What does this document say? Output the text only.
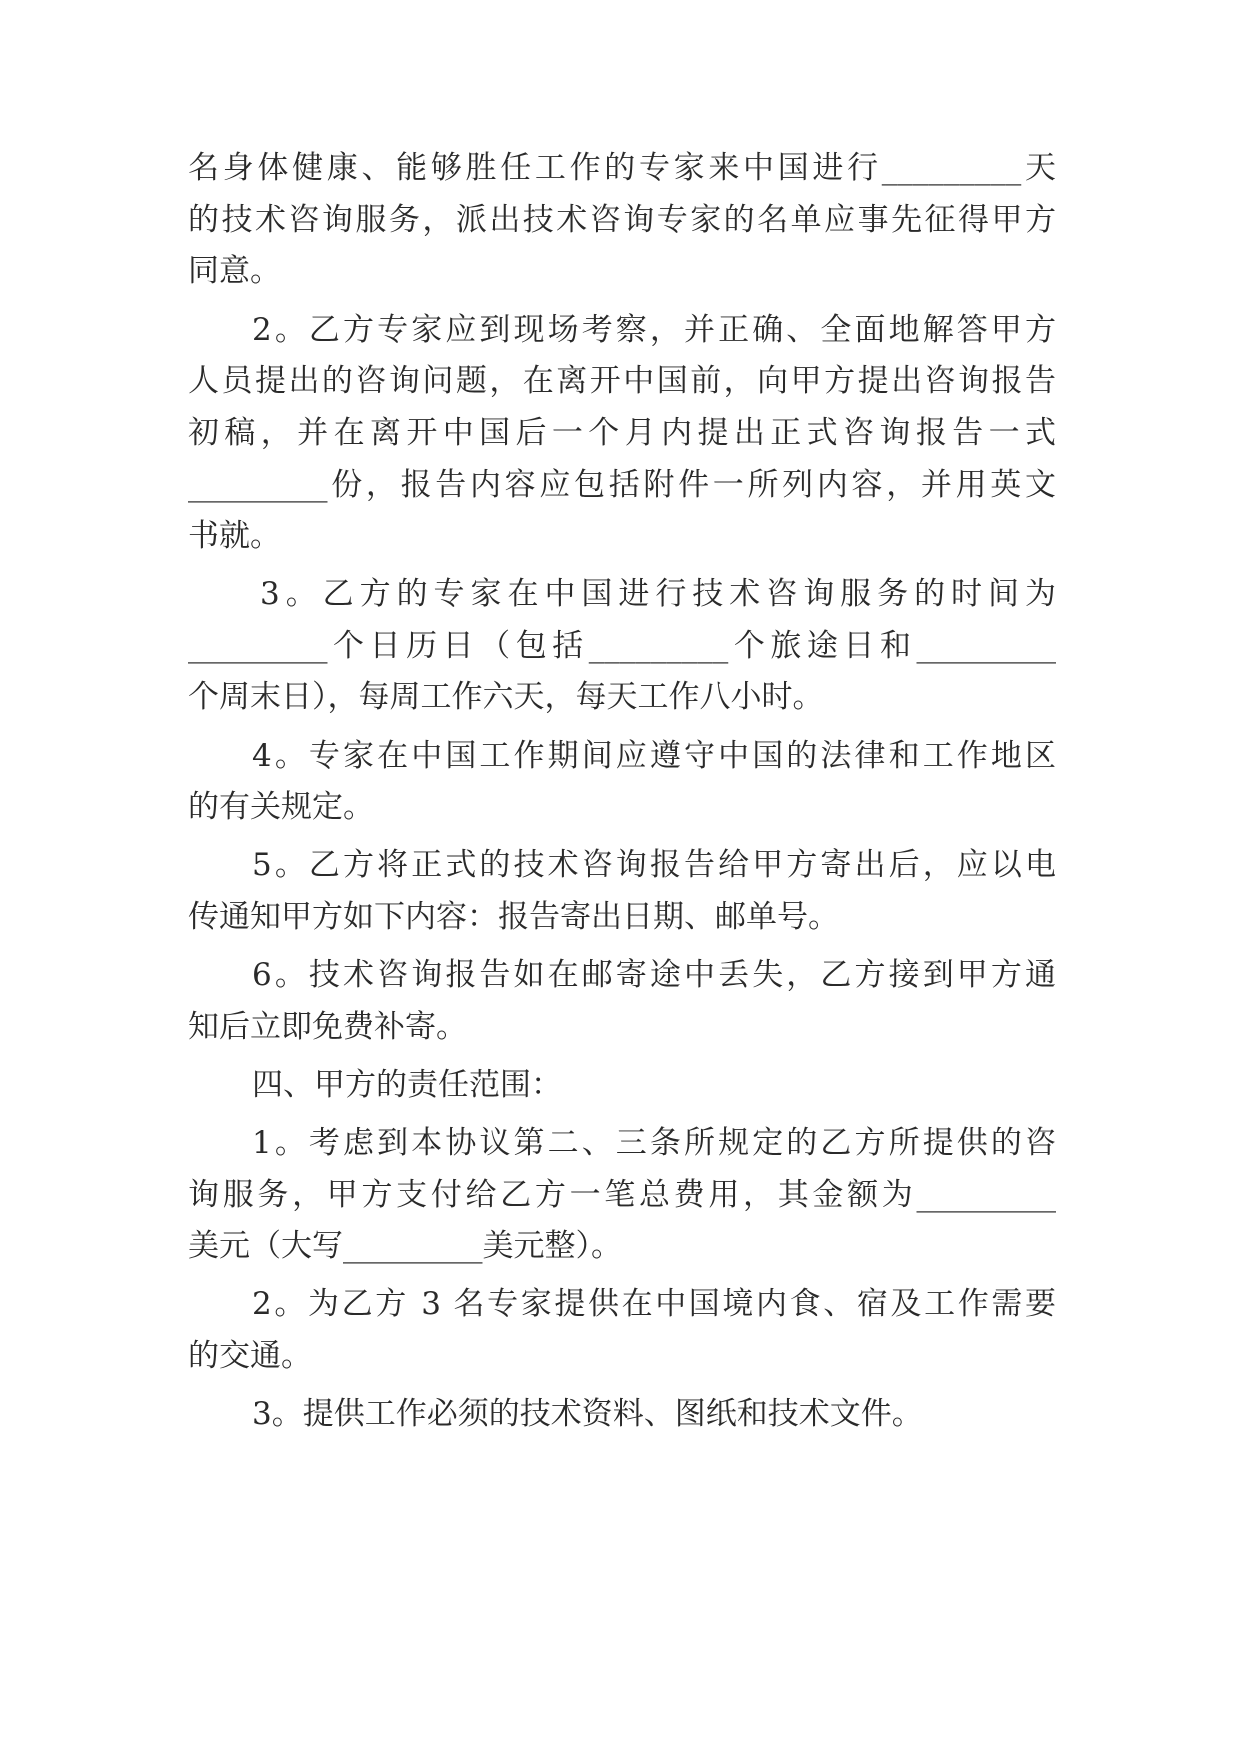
名身体健康、能够胜任工作的专家来中国进行_________天
的技术咨询服务，派出技术咨询专家的名单应事先征得甲方
同意。
2。乙方专家应到现场考察，并正确、全面地解答甲方
人员提出的咨询问题，在离开中国前，向甲方提出咨询报告
初稿，并在离开中国后一个月内提出正式咨询报告一式
_________份，报告内容应包括附件一所列内容，并用英文
书就。
3。乙方的专家在中国进行技术咨询服务的时间为
_________个日历日（包括_________个旅途日和_________
个周末日），每周工作六天，每天工作八小时。
4。专家在中国工作期间应遵守中国的法律和工作地区
的有关规定。
5。乙方将正式的技术咨询报告给甲方寄出后，应以电
传通知甲方如下内容：报告寄出日期、邮单号。
6。技术咨询报告如在邮寄途中丢失，乙方接到甲方通
知后立即免费补寄。
四、甲方的责任范围：
1。考虑到本协议第二、三条所规定的乙方所提供的咨
询服务，甲方支付给乙方一笔总费用，其金额为_________
美元（大写_________美元整）。
2。为乙方 3 名专家提供在中国境内食、宿及工作需要
的交通。
3。提供工作必须的技术资料、图纸和技术文件。
